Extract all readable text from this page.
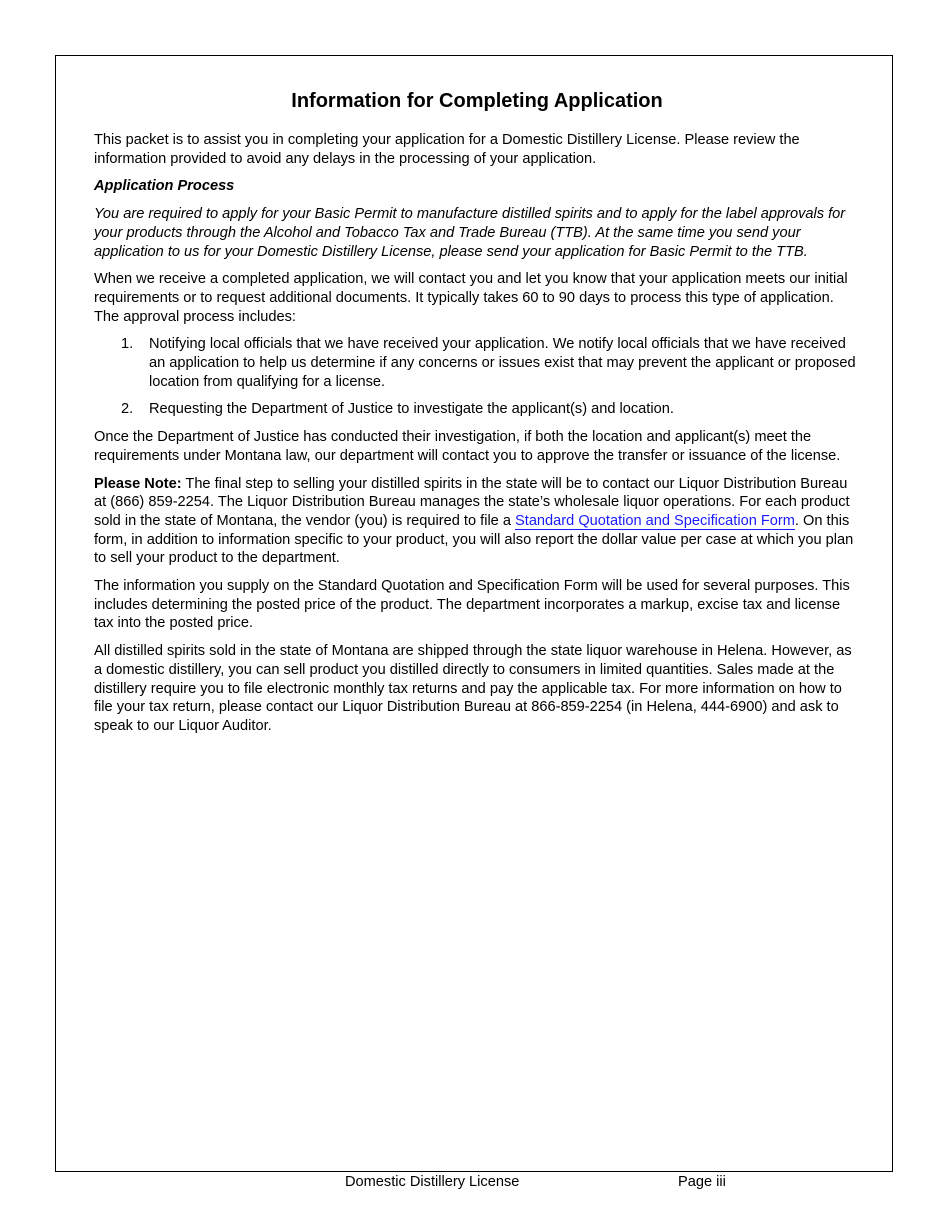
Information for Completing Application

This packet is to assist you in completing your application for a Domestic Distillery License. Please review the information provided to avoid any delays in the processing of your application.

Application Process

You are required to apply for your Basic Permit to manufacture distilled spirits and to apply for the label approvals for your products through the Alcohol and Tobacco Tax and Trade Bureau (TTB). At the same time you send your application to us for your Domestic Distillery License, please send your application for Basic Permit to the TTB.

When we receive a completed application, we will contact you and let you know that your application meets our initial requirements or to request additional documents. It typically takes 60 to 90 days to process this type of application. The approval process includes:

1. Notifying local officials that we have received your application. We notify local officials that we have received an application to help us determine if any concerns or issues exist that may prevent the applicant or proposed location from qualifying for a license.
2. Requesting the Department of Justice to investigate the applicant(s) and location.

Once the Department of Justice has conducted their investigation, if both the location and applicant(s) meet the requirements under Montana law, our department will contact you to approve the transfer or issuance of the license.

Please Note: The final step to selling your distilled spirits in the state will be to contact our Liquor Distribution Bureau at (866) 859-2254. The Liquor Distribution Bureau manages the state’s wholesale liquor operations. For each product sold in the state of Montana, the vendor (you) is required to file a Standard Quotation and Specification Form. On this form, in addition to information specific to your product, you will also report the dollar value per case at which you plan to sell your product to the department.

The information you supply on the Standard Quotation and Specification Form will be used for several purposes. This includes determining the posted price of the product. The department incorporates a markup, excise tax and license tax into the posted price.

All distilled spirits sold in the state of Montana are shipped through the state liquor warehouse in Helena. However, as a domestic distillery, you can sell product you distilled directly to consumers in limited quantities. Sales made at the distillery require you to file electronic monthly tax returns and pay the applicable tax. For more information on how to file your tax return, please contact our Liquor Distribution Bureau at 866-859-2254 (in Helena, 444-6900) and ask to speak to our Liquor Auditor.

Domestic Distillery License	Page iii
